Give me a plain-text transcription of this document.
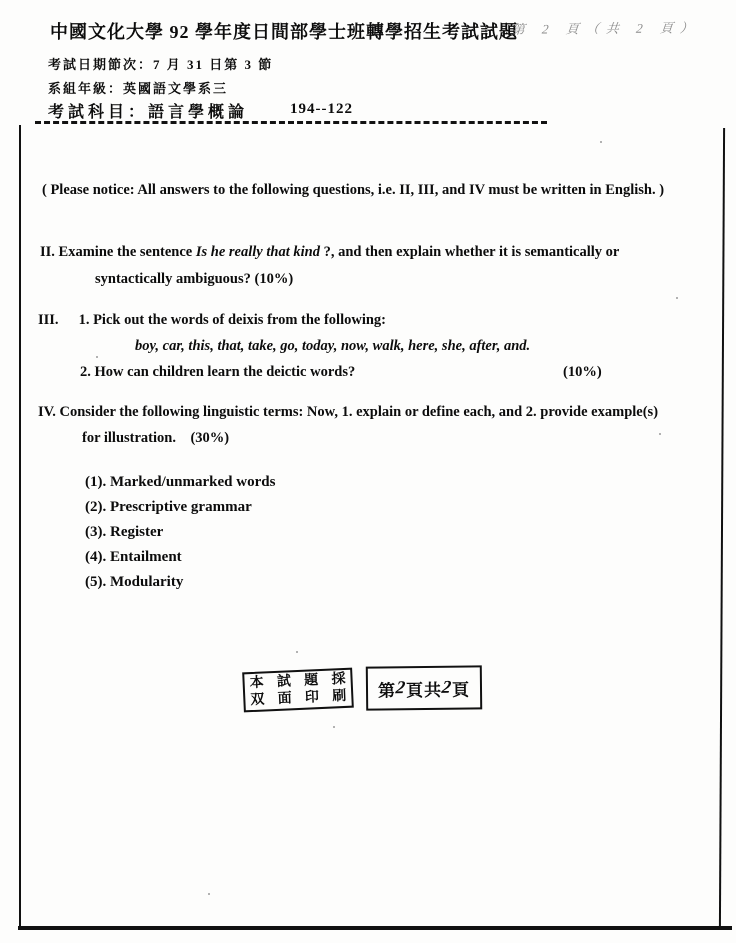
中國文化大學 92 學年度日間部學士班轉學招生考試試題
第 2 頁（共 2 頁）
考試日期節次：7 月 31 日第 3 節
系組年級：英國語文學系三
考試科目：語言學概論	194--122
( Please notice: All answers to the following questions, i.e. II, III, and IV must be written in English. )
II. Examine the sentence Is he really that kind ?, and then explain whether it is semantically or
syntactically ambiguous? (10%)
III. 1. Pick out the words of deixis from the following:
boy, car, this, that, take, go, today, now, walk, here, she, after, and.
2. How can children learn the deictic words?	(10%)
IV. Consider the following linguistic terms: Now, 1. explain or define each, and 2. provide example(s)
for illustration.    (30%)
(1). Marked/unmarked words
(2). Prescriptive grammar
(3). Register
(4). Entailment
(5). Modularity
本 試 題 採
双 面 印 刷 第
2
頁 共
2
頁
